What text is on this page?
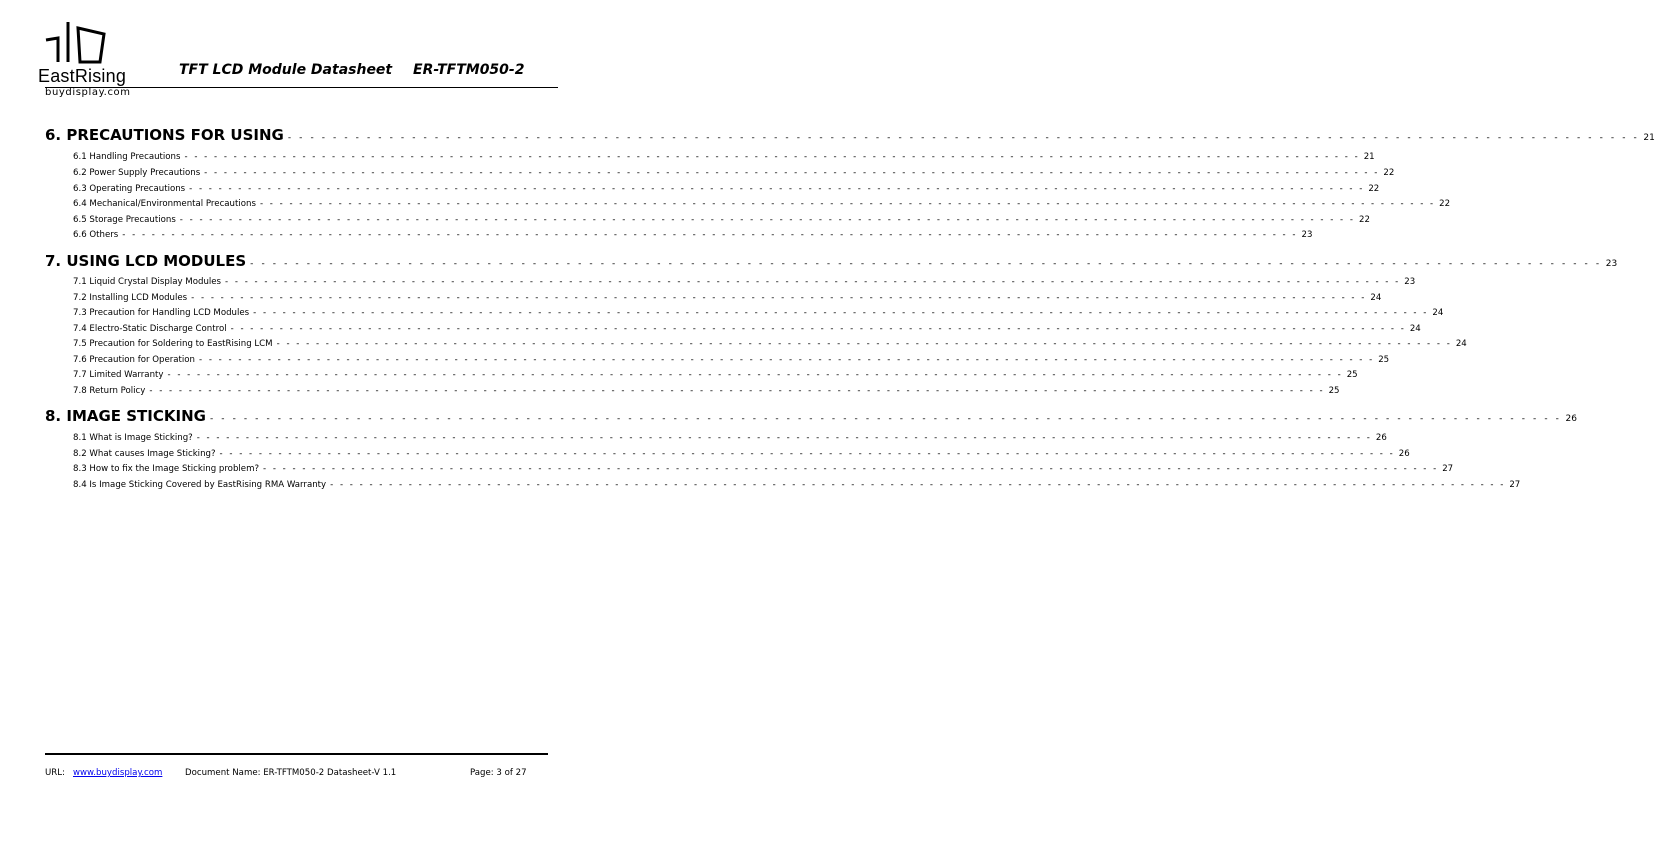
EastRising
buydisplay.com
TFT LCD Module Datasheet ER-TFTM050-2
6. PRECAUTIONS FOR USING - - - - - - - - - - - - - - - - - - - - - - - - - - - - - - - - - - - - - - - - - - - - - - - - - - - - - - - - - - - - - - - - - - - - - - - - - - - - - - - - - - - - - - - - - - - - - - - - - - - - - - - - - - - - - - - - - - - - - - - - 21
6.1 Handling Precautions - - - - - - - - - - - - - - - - - - - - - - - - - - - - - - - - - - - - - - - - - - - - - - - - - - - - - - - - - - - - - - - - - - - - - - - - - - - - - - - - - - - - - - - - - - - - - - - - - - - - - - - - - - - - - - - - - - - - - - - - 21
6.2 Power Supply Precautions - - - - - - - - - - - - - - - - - - - - - - - - - - - - - - - - - - - - - - - - - - - - - - - - - - - - - - - - - - - - - - - - - - - - - - - - - - - - - - - - - - - - - - - - - - - - - - - - - - - - - - - - - - - - - - - - - - - - - - - - 22
6.3 Operating Precautions - - - - - - - - - - - - - - - - - - - - - - - - - - - - - - - - - - - - - - - - - - - - - - - - - - - - - - - - - - - - - - - - - - - - - - - - - - - - - - - - - - - - - - - - - - - - - - - - - - - - - - - - - - - - - - - - - - - - - - - - 22
6.4 Mechanical/Environmental Precautions - - - - - - - - - - - - - - - - - - - - - - - - - - - - - - - - - - - - - - - - - - - - - - - - - - - - - - - - - - - - - - - - - - - - - - - - - - - - - - - - - - - - - - - - - - - - - - - - - - - - - - - - - - - - - - - - - - - - - - - - 22
6.5 Storage Precautions - - - - - - - - - - - - - - - - - - - - - - - - - - - - - - - - - - - - - - - - - - - - - - - - - - - - - - - - - - - - - - - - - - - - - - - - - - - - - - - - - - - - - - - - - - - - - - - - - - - - - - - - - - - - - - - - - - - - - - - - 22
6.6 Others - - - - - - - - - - - - - - - - - - - - - - - - - - - - - - - - - - - - - - - - - - - - - - - - - - - - - - - - - - - - - - - - - - - - - - - - - - - - - - - - - - - - - - - - - - - - - - - - - - - - - - - - - - - - - - - - - - - - - - - - 23
7. USING LCD MODULES - - - - - - - - - - - - - - - - - - - - - - - - - - - - - - - - - - - - - - - - - - - - - - - - - - - - - - - - - - - - - - - - - - - - - - - - - - - - - - - - - - - - - - - - - - - - - - - - - - - - - - - - - - - - - - - - - - - - - - - - 23
7.1 Liquid Crystal Display Modules - - - - - - - - - - - - - - - - - - - - - - - - - - - - - - - - - - - - - - - - - - - - - - - - - - - - - - - - - - - - - - - - - - - - - - - - - - - - - - - - - - - - - - - - - - - - - - - - - - - - - - - - - - - - - - - - - - - - - - - - 23
7.2 Installing LCD Modules - - - - - - - - - - - - - - - - - - - - - - - - - - - - - - - - - - - - - - - - - - - - - - - - - - - - - - - - - - - - - - - - - - - - - - - - - - - - - - - - - - - - - - - - - - - - - - - - - - - - - - - - - - - - - - - - - - - - - - - - 24
7.3 Precaution for Handling LCD Modules - - - - - - - - - - - - - - - - - - - - - - - - - - - - - - - - - - - - - - - - - - - - - - - - - - - - - - - - - - - - - - - - - - - - - - - - - - - - - - - - - - - - - - - - - - - - - - - - - - - - - - - - - - - - - - - - - - - - - - - - 24
7.4 Electro-Static Discharge Control - - - - - - - - - - - - - - - - - - - - - - - - - - - - - - - - - - - - - - - - - - - - - - - - - - - - - - - - - - - - - - - - - - - - - - - - - - - - - - - - - - - - - - - - - - - - - - - - - - - - - - - - - - - - - - - - - - - - - - - - 24
7.5 Precaution for Soldering to EastRising LCM - - - - - - - - - - - - - - - - - - - - - - - - - - - - - - - - - - - - - - - - - - - - - - - - - - - - - - - - - - - - - - - - - - - - - - - - - - - - - - - - - - - - - - - - - - - - - - - - - - - - - - - - - - - - - - - - - - - - - - - - 24
7.6 Precaution for Operation - - - - - - - - - - - - - - - - - - - - - - - - - - - - - - - - - - - - - - - - - - - - - - - - - - - - - - - - - - - - - - - - - - - - - - - - - - - - - - - - - - - - - - - - - - - - - - - - - - - - - - - - - - - - - - - - - - - - - - - - 25
7.7 Limited Warranty - - - - - - - - - - - - - - - - - - - - - - - - - - - - - - - - - - - - - - - - - - - - - - - - - - - - - - - - - - - - - - - - - - - - - - - - - - - - - - - - - - - - - - - - - - - - - - - - - - - - - - - - - - - - - - - - - - - - - - - - 25
7.8 Return Policy - - - - - - - - - - - - - - - - - - - - - - - - - - - - - - - - - - - - - - - - - - - - - - - - - - - - - - - - - - - - - - - - - - - - - - - - - - - - - - - - - - - - - - - - - - - - - - - - - - - - - - - - - - - - - - - - - - - - - - - - 25
8. IMAGE STICKING - - - - - - - - - - - - - - - - - - - - - - - - - - - - - - - - - - - - - - - - - - - - - - - - - - - - - - - - - - - - - - - - - - - - - - - - - - - - - - - - - - - - - - - - - - - - - - - - - - - - - - - - - - - - - - - - - - - - - - - - 26
8.1 What is Image Sticking? - - - - - - - - - - - - - - - - - - - - - - - - - - - - - - - - - - - - - - - - - - - - - - - - - - - - - - - - - - - - - - - - - - - - - - - - - - - - - - - - - - - - - - - - - - - - - - - - - - - - - - - - - - - - - - - - - - - - - - - - 26
8.2 What causes Image Sticking? - - - - - - - - - - - - - - - - - - - - - - - - - - - - - - - - - - - - - - - - - - - - - - - - - - - - - - - - - - - - - - - - - - - - - - - - - - - - - - - - - - - - - - - - - - - - - - - - - - - - - - - - - - - - - - - - - - - - - - - - 26
8.3 How to fix the Image Sticking problem? - - - - - - - - - - - - - - - - - - - - - - - - - - - - - - - - - - - - - - - - - - - - - - - - - - - - - - - - - - - - - - - - - - - - - - - - - - - - - - - - - - - - - - - - - - - - - - - - - - - - - - - - - - - - - - - - - - - - - - - - 27
8.4 Is Image Sticking Covered by EastRising RMA Warranty - - - - - - - - - - - - - - - - - - - - - - - - - - - - - - - - - - - - - - - - - - - - - - - - - - - - - - - - - - - - - - - - - - - - - - - - - - - - - - - - - - - - - - - - - - - - - - - - - - - - - - - - - - - - - - - - - - - - - - - - 27
URL: www.buydisplay.com	Document Name: ER-TFTM050-2 Datasheet-V 1.1	Page: 3 of 27
